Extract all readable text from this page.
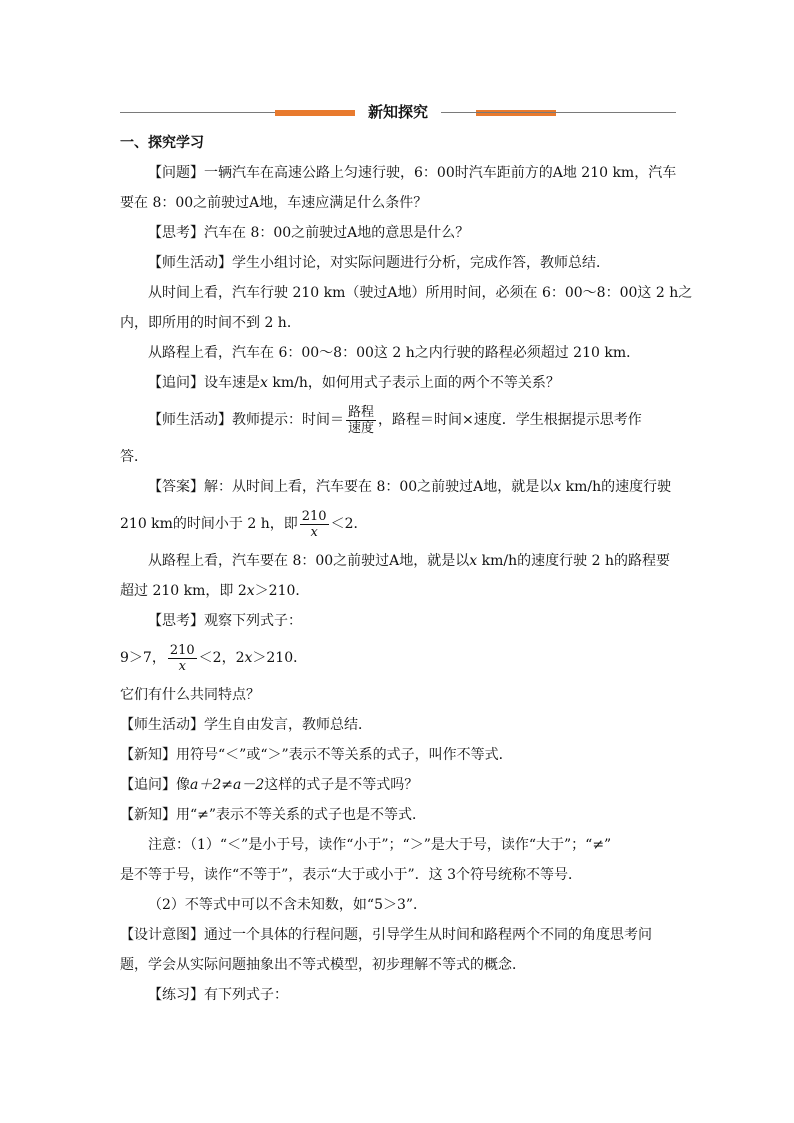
新知探究
一、探究学习
【问题】一辆汽车在高速公路上匀速行驶，6：00时汽车距前方的A地 210 km，汽车
要在 8：00之前驶过A地，车速应满足什么条件？
【思考】汽车在 8：00之前驶过A地的意思是什么？
【师生活动】学生小组讨论，对实际问题进行分析，完成作答，教师总结．
从时间上看，汽车行驶 210 km（驶过A地）所用时间，必须在 6：00～8：00这 2 h之
内，即所用的时间不到 2 h．
从路程上看，汽车在 6：00～8：00这 2 h之内行驶的路程必须超过 210 km．
【追问】设车速是x km/h，如何用式子表示上面的两个不等关系？
【师生活动】教师提示：时间＝ $\frac{\text{路程}}{\text{速度}}$ ，路程＝时间×速度．学生根据提示思考作
答．
【答案】解：从时间上看，汽车要在 8：00之前驶过A地，就是以x km/h的速度行驶
210 km的时间小于 2 h，即 $\frac{210}{x} <2$．
从路程上看，汽车要在 8：00之前驶过A地，就是以x km/h的速度行驶 2 h的路程要
超过 210 km，即 2x＞210．
【思考】观察下列式子：
9＞7， $\frac{210}{x} <2$，2x＞210．
它们有什么共同特点？
【师生活动】学生自由发言，教师总结．
【新知】用符号“＜”或“＞”表示不等关系的式子，叫作不等式．
【追问】像a＋2≠a－2这样的式子是不等式吗？
【新知】用“≠”表示不等关系的式子也是不等式．
注意：（1）“＜”是小于号，读作“小于”；“＞”是大于号，读作“大于”；“≠”
是不等于号，读作“不等于”，表示“大于或小于”．这 3个符号统称不等号．
（2）不等式中可以不含未知数，如“5＞3”．
【设计意图】通过一个具体的行程问题，引导学生从时间和路程两个不同的角度思考问
题，学会从实际问题抽象出不等式模型，初步理解不等式的概念．
【练习】有下列式子：
